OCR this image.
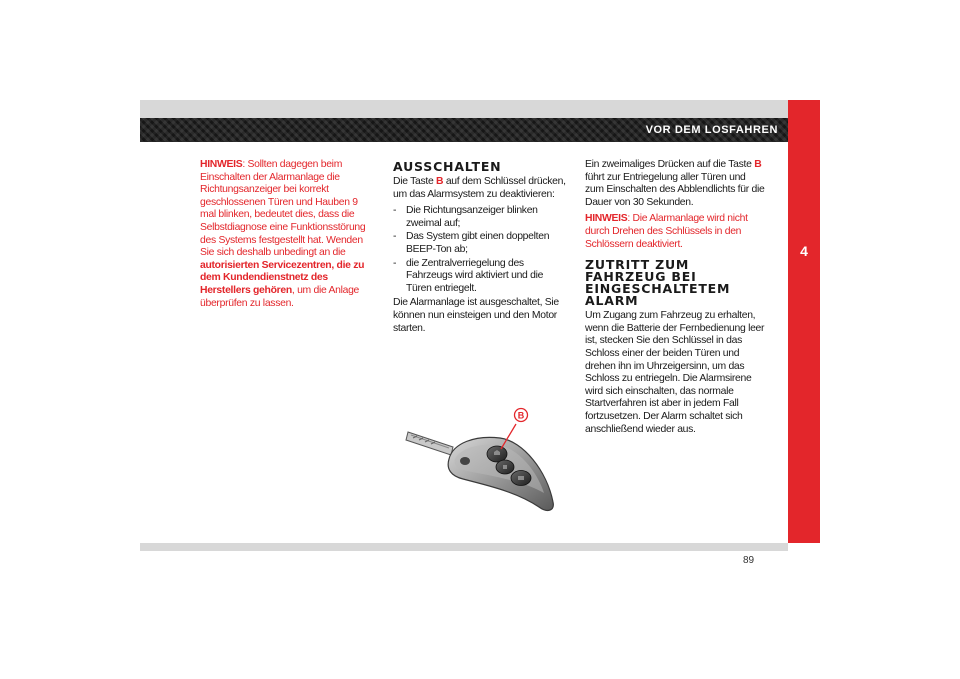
VOR DEM LOSFAHREN
4
89

HINWEIS: Sollten dagegen beim Einschalten der Alarmanlage die Richtungsanzeiger bei korrekt geschlossenen Türen und Hauben 9 mal blinken, bedeutet dies, dass die Selbstdiagnose eine Funktionsstörung des Systems festgestellt hat. Wenden Sie sich deshalb unbedingt an die autorisierten Servicezentren, die zu dem Kundendienstnetz des Herstellers gehören, um die Anlage überprüfen zu lassen.

AUSSCHALTEN

Die Taste B auf dem Schlüssel drücken, um das Alarmsystem zu deaktivieren:

- Die Richtungsanzeiger blinken zweimal auf;
- Das System gibt einen doppelten BEEP-Ton ab;
- die Zentralverriegelung des Fahrzeugs wird aktiviert und die Türen entriegelt.

Die Alarmanlage ist ausgeschaltet, Sie können nun einsteigen und den Motor starten.

B

Ein zweimaliges Drücken auf die Taste B führt zur Entriegelung aller Türen und zum Einschalten des Abblendlichts für die Dauer von 30 Sekunden.

HINWEIS: Die Alarmanlage wird nicht durch Drehen des Schlüssels in den Schlössern deaktiviert.

ZUTRITT ZUM FAHRZEUG BEI EINGESCHALTETEM ALARM

Um Zugang zum Fahrzeug zu erhalten, wenn die Batterie der Fernbedienung leer ist, stecken Sie den Schlüssel in das Schloss einer der beiden Türen und drehen ihn im Uhrzeigersinn, um das Schloss zu entriegeln. Die Alarmsirene wird sich einschalten, das normale Startverfahren ist aber in jedem Fall fortzusetzen. Der Alarm schaltet sich anschließend wieder aus.
